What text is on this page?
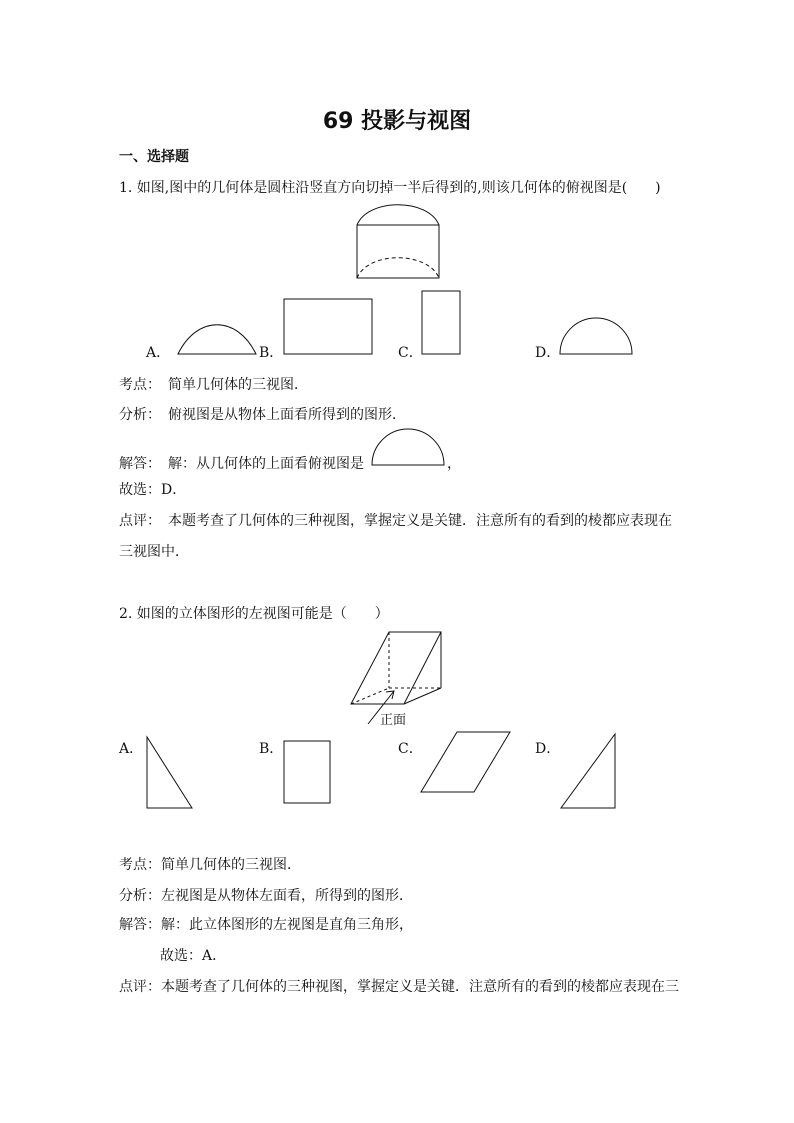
69 投影与视图
一、选择题
1. 如图,图中的几何体是圆柱沿竖直方向切掉一半后得到的,则该几何体的俯视图是(　　)
A．	B．	C．	D．
考点：　简单几何体的三视图．
分析：　俯视图是从物体上面看所得到的图形．
解答：　解：从几何体的上面看俯视图是	，
故选：D．
点评：　本题考查了几何体的三种视图，掌握定义是关键．注意所有的看到的棱都应表现在
三视图中．
2. 如图的立体图形的左视图可能是（　　）
正面
A．	B．	C．	D．
考点：简单几何体的三视图．
分析：左视图是从物体左面看，所得到的图形．
解答：解：此立体图形的左视图是直角三角形，
故选：A．
点评：本题考查了几何体的三种视图，掌握定义是关键．注意所有的看到的棱都应表现在三
